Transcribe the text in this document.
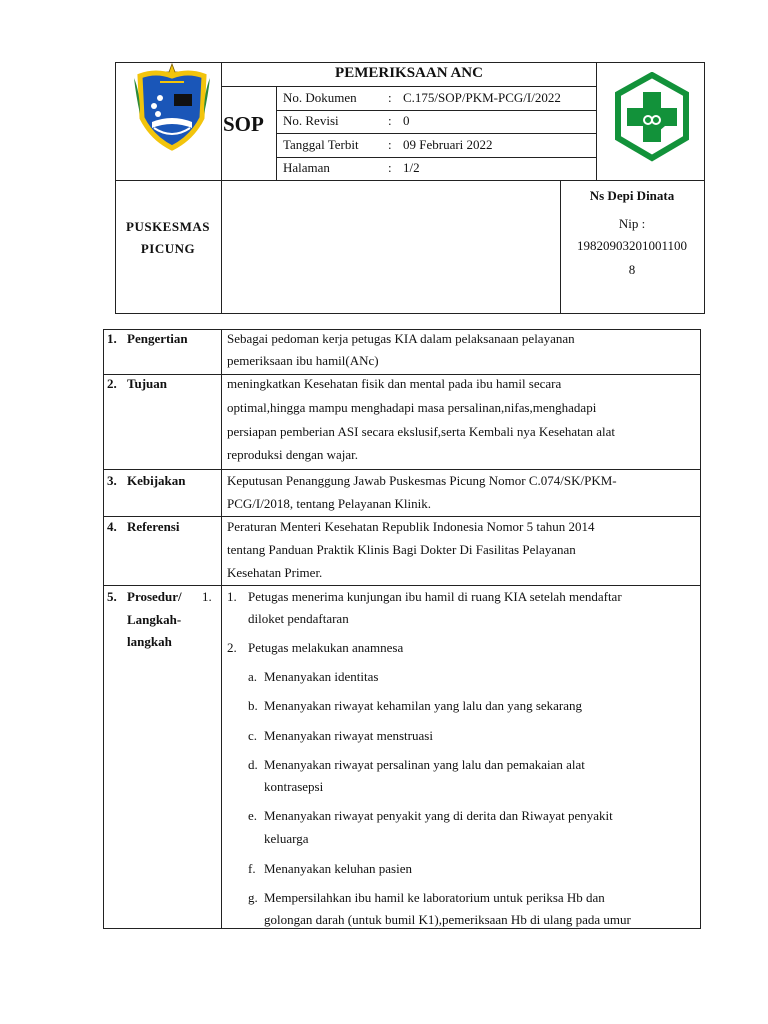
PEMERIKSAAN ANC
SOP
No. Dokumen : C.175/SOP/PKM-PCG/I/2022
No. Revisi	: 0
Tanggal Terbit : 09 Februari 2022
Halaman	: 1/2
PUSKESMAS
PICUNG
Ns Depi Dinata
Nip :
19820903201001100
8
1. Pengertian	Sebagai pedoman kerja petugas KIA dalam pelaksanaan pelayanan
pemeriksaan ibu hamil(ANc)
2. Tujuan	meningkatkan Kesehatan fisik dan mental pada ibu hamil secara
optimal,hingga mampu menghadapi masa persalinan,nifas,menghadapi
persiapan pemberian ASI secara ekslusif,serta Kembali nya Kesehatan alat
reproduksi dengan wajar.
3. Kebijakan	Keputusan Penanggung Jawab Puskesmas Picung Nomor C.074/SK/PKM-
PCG/I/2018, tentang Pelayanan Klinik.
4. Referensi	Peraturan Menteri Kesehatan Republik Indonesia Nomor 5 tahun 2014
tentang Panduan Praktik Klinis Bagi Dokter Di Fasilitas Pelayanan
Kesehatan Primer.
5. Prosedur/ 1.
Langkah-
langkah
1. Petugas menerima kunjungan ibu hamil di ruang KIA setelah mendaftar
diloket pendaftaran
2. Petugas melakukan anamnesa
a. Menanyakan identitas
b. Menanyakan riwayat kehamilan yang lalu dan yang sekarang
c. Menanyakan riwayat menstruasi
d. Menanyakan riwayat persalinan yang lalu dan pemakaian alat
kontrasepsi
e. Menanyakan riwayat penyakit yang di derita dan Riwayat penyakit
keluarga
f. Menanyakan keluhan pasien
g. Mempersilahkan ibu hamil ke laboratorium untuk periksa Hb dan
golongan darah (untuk bumil K1),pemeriksaan Hb di ulang pada umur
